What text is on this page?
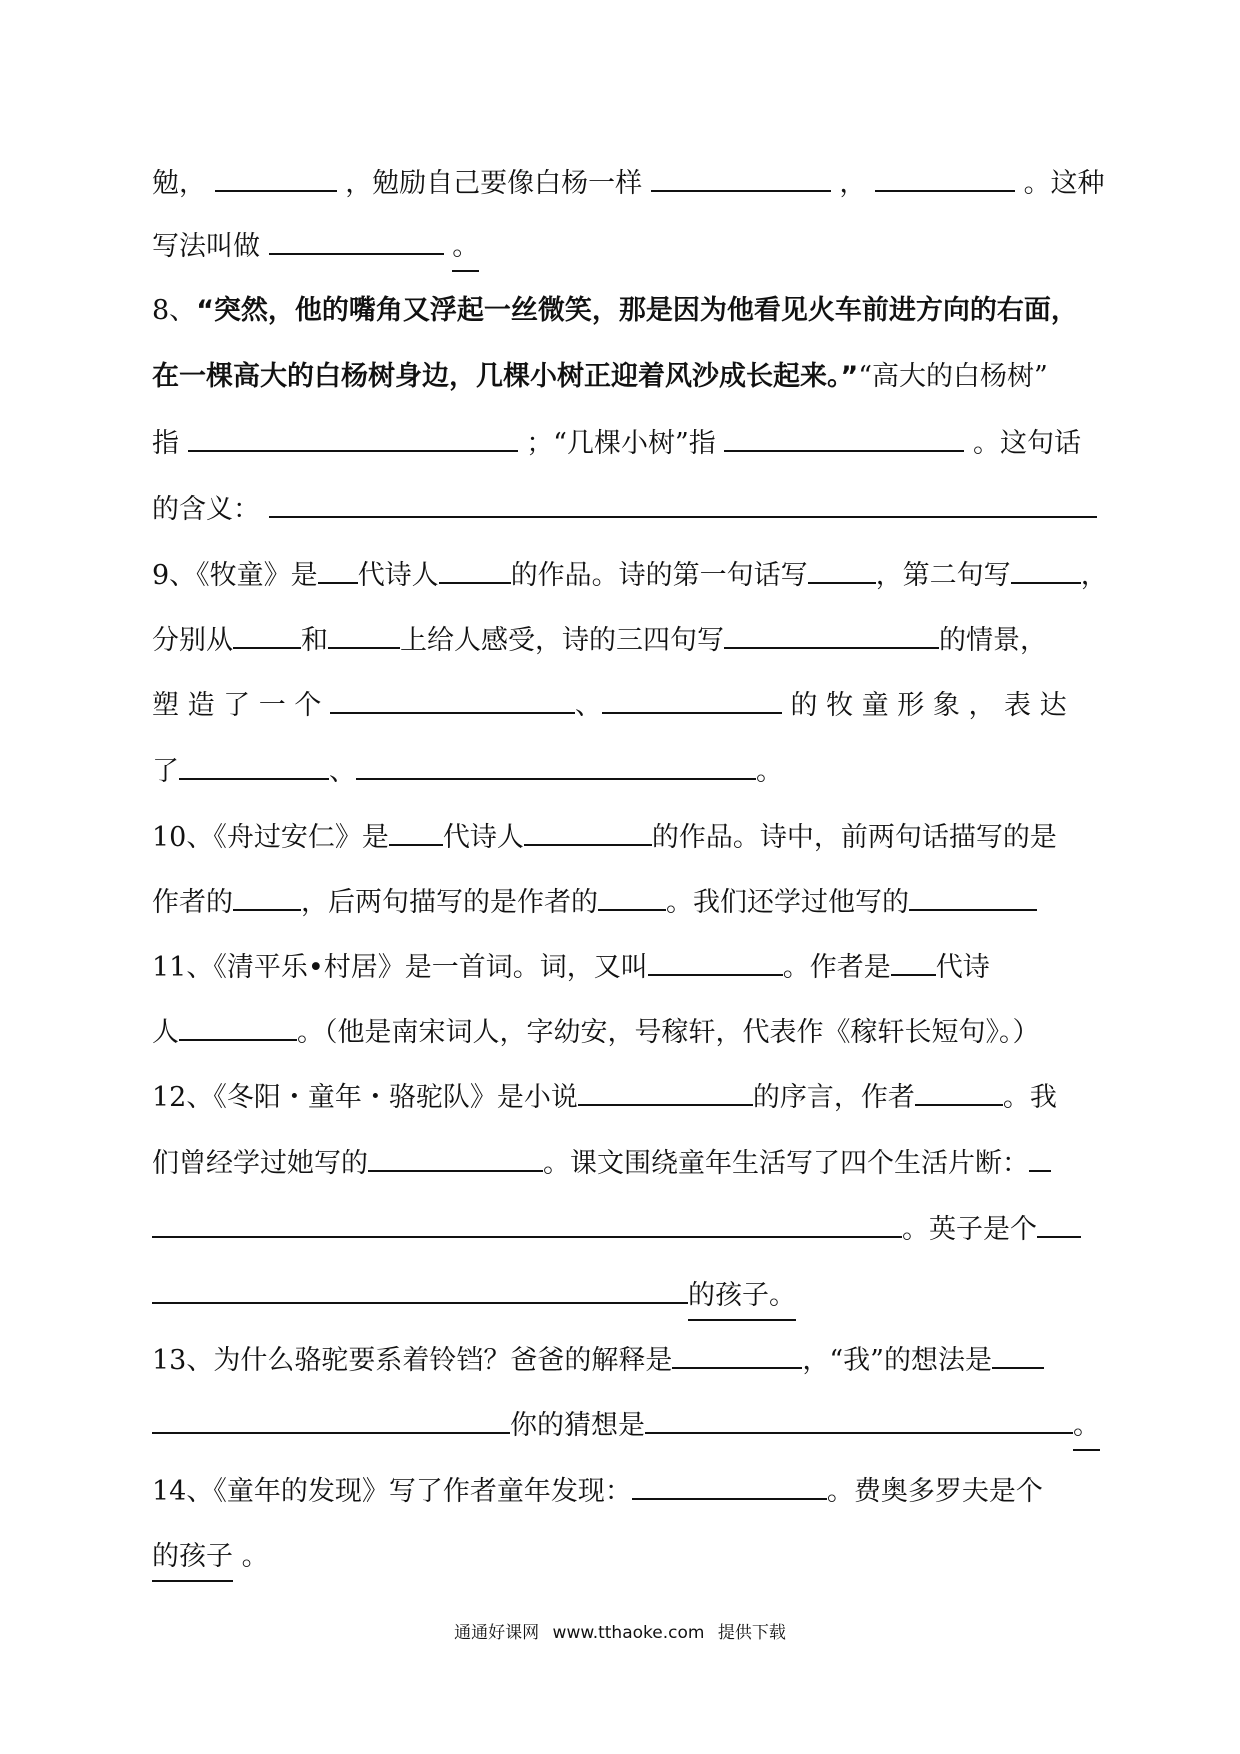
勉，	，勉励自己要像白杨一样	，	。这种
写法叫做	。
8、“突然，他的嘴角又浮起一丝微笑，那是因为他看见火车前进方向的右面，
在一棵高大的白杨树身边，几棵小树正迎着风沙成长起来。”“高大的白杨树”
指	；“几棵小树”指	。这句话
的含义：
9、《牧童》是 代诗人	的作品。诗的第一句话写	，第二句写	，
分别从	和	上给人感受，诗的三四句写	的情景，
塑 造 了 一 个	、	的 牧 童 形 象 ， 表 达
了	、	。
10、《舟过安仁》是 代诗人	的作品。诗中，前两句话描写的是
作者的	，后两句描写的是作者的	。我们还学过他写的
11、《清平乐•村居》是一首词。词，又叫	。作者是 代诗
人	。（他是南宋词人，字幼安，号稼轩，代表作《稼轩长短句》。）
12、《冬阳・童年・骆驼队》是小说	的序言，作者	。我
们曾经学过她写的	。课文围绕童年生活写了四个生活片断：
。英子是个
的孩子。
13、为什么骆驼要系着铃铛？爸爸的解释是	，“我”的想法是
你的猜想是	。
14、《童年的发现》写了作者童年发现：	。费奥多罗夫是个
的孩子 。
通通好课网 www.tthaoke.com 提供下载
